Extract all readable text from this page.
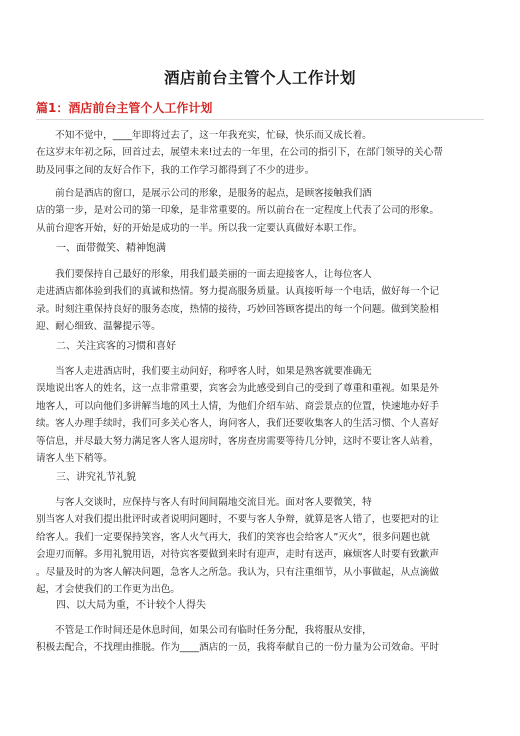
酒店前台主管个人工作计划
篇1：酒店前台主管个人工作计划
　　不知不觉中，____年即将过去了，这一年我充实，忙碌，快乐而又成长着。
在这岁末年初之际，回首过去，展望未来!过去的一年里，在公司的指引下，在部门领导的关心帮
助及同事之间的友好合作下，我的工作学习都得到了不少的进步。
　　前台是酒店的窗口，是展示公司的形象，是服务的起点，是顾客接触我们酒
店的第一步，是对公司的第一印象，是非常重要的。所以前台在一定程度上代表了公司的形象。
从前台迎客开始，好的开始是成功的一半。所以我一定要认真做好本职工作。
　　一、面带微笑、精神饱满
　　我们要保持自己最好的形象，用我们最美丽的一面去迎接客人，让每位客人
走进酒店都体验到我们的真诚和热情。努力提高服务质量。认真接听每一个电话，做好每一个记
录。时刻注重保持良好的服务态度，热情的接待，巧妙回答顾客提出的每一个问题。做到笑脸相
迎、耐心细致、温馨提示等。
　　二、关注宾客的习惯和喜好
　　当客人走进酒店时，我们要主动问好，称呼客人时，如果是熟客就要准确无
误地说出客人的姓名，这一点非常重要，宾客会为此感受到自己的受到了尊重和重视。如果是外
地客人，可以向他们多讲解当地的风土人情，为他们介绍车站、商尝景点的位置，快速地办好手
续。客人办理手续时，我们可多关心客人，询问客人，我们还要收集客人的生活习惯、个人喜好
等信息，并尽最大努力满足客人客人退房时，客房查房需要等待几分钟，这时不要让客人站着，
请客人坐下稍等。
　　三、讲究礼节礼貌
　　与客人交谈时，应保持与客人有时间间隔地交流目光。面对客人要微笑，特
别当客人对我们提出批评时或者说明问题时，不要与客人争辩，就算是客人错了，也要把对的让
给客人。我们一定要保持笑容，客人火气再大，我们的笑容也会给客人”灭火”，很多问题也就
会迎刃而解。多用礼貌用语，对待宾客要做到来时有迎声，走时有送声，麻烦客人时要有致歉声
。尽量及时的为客人解决问题，急客人之所急。我认为，只有注重细节，从小事做起，从点滴做
起，才会使我们的工作更为出色。
　　四、以大局为重，不计较个人得失
　　不管是工作时间还是休息时间，如果公司有临时任务分配，我将服从安排，
积极去配合，不找理由推脱。作为____酒店的一员，我将奉献自己的一份力量为公司效命。平时
